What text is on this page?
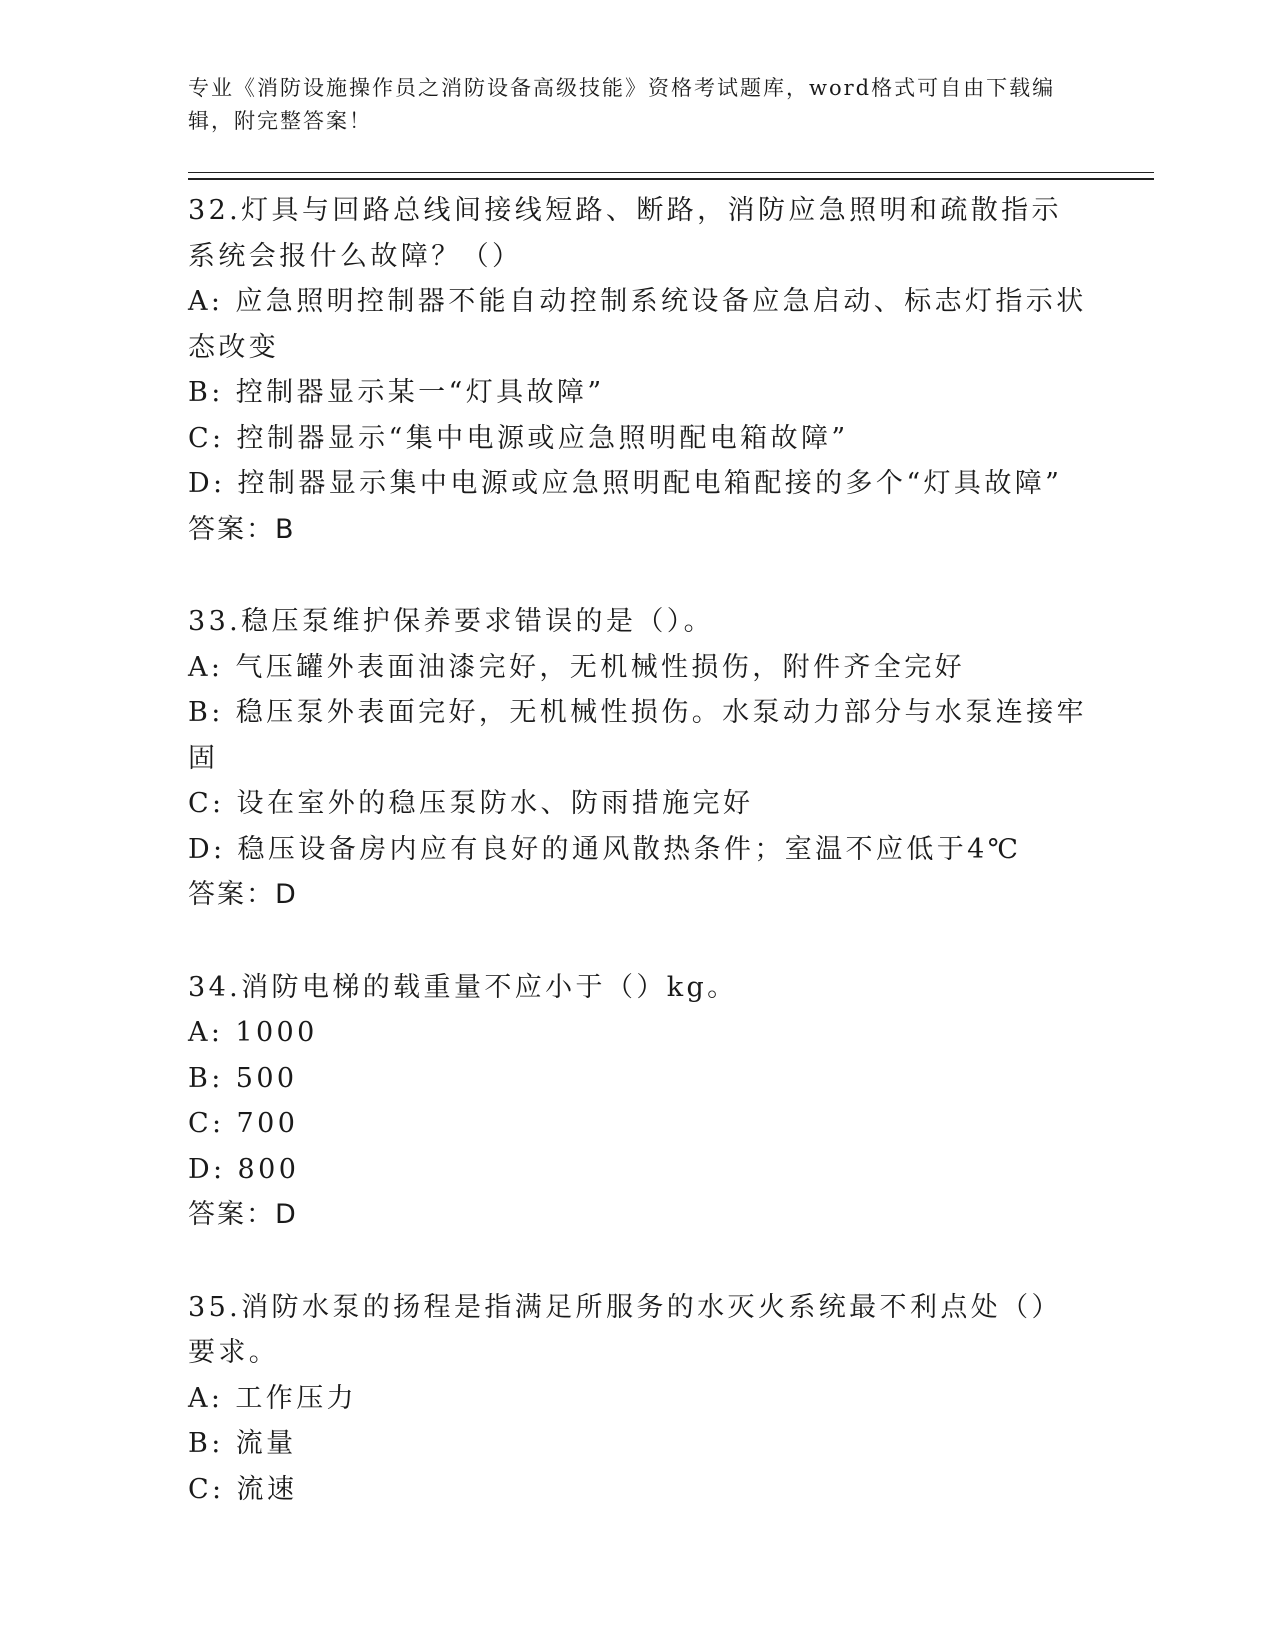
专业《消防设施操作员之消防设备高级技能》资格考试题库，word格式可自由下载编辑，附完整答案！
32.灯具与回路总线间接线短路、断路，消防应急照明和疏散指示系统会报什么故障？（）
A: 应急照明控制器不能自动控制系统设备应急启动、标志灯指示状态改变
B: 控制器显示某一“灯具故障”
C: 控制器显示“集中电源或应急照明配电箱故障”
D: 控制器显示集中电源或应急照明配电箱配接的多个“灯具故障”
答案：B
33.稳压泵维护保养要求错误的是（）。
A: 气压罐外表面油漆完好，无机械性损伤，附件齐全完好
B: 稳压泵外表面完好，无机械性损伤。水泵动力部分与水泵连接牢固
C: 设在室外的稳压泵防水、防雨措施完好
D: 稳压设备房内应有良好的通风散热条件；室温不应低于4℃
答案：D
34.消防电梯的载重量不应小于（）kg。
A: 1000
B: 500
C: 700
D: 800
答案：D
35.消防水泵的扬程是指满足所服务的水灭火系统最不利点处（）要求。
A: 工作压力
B: 流量
C: 流速
